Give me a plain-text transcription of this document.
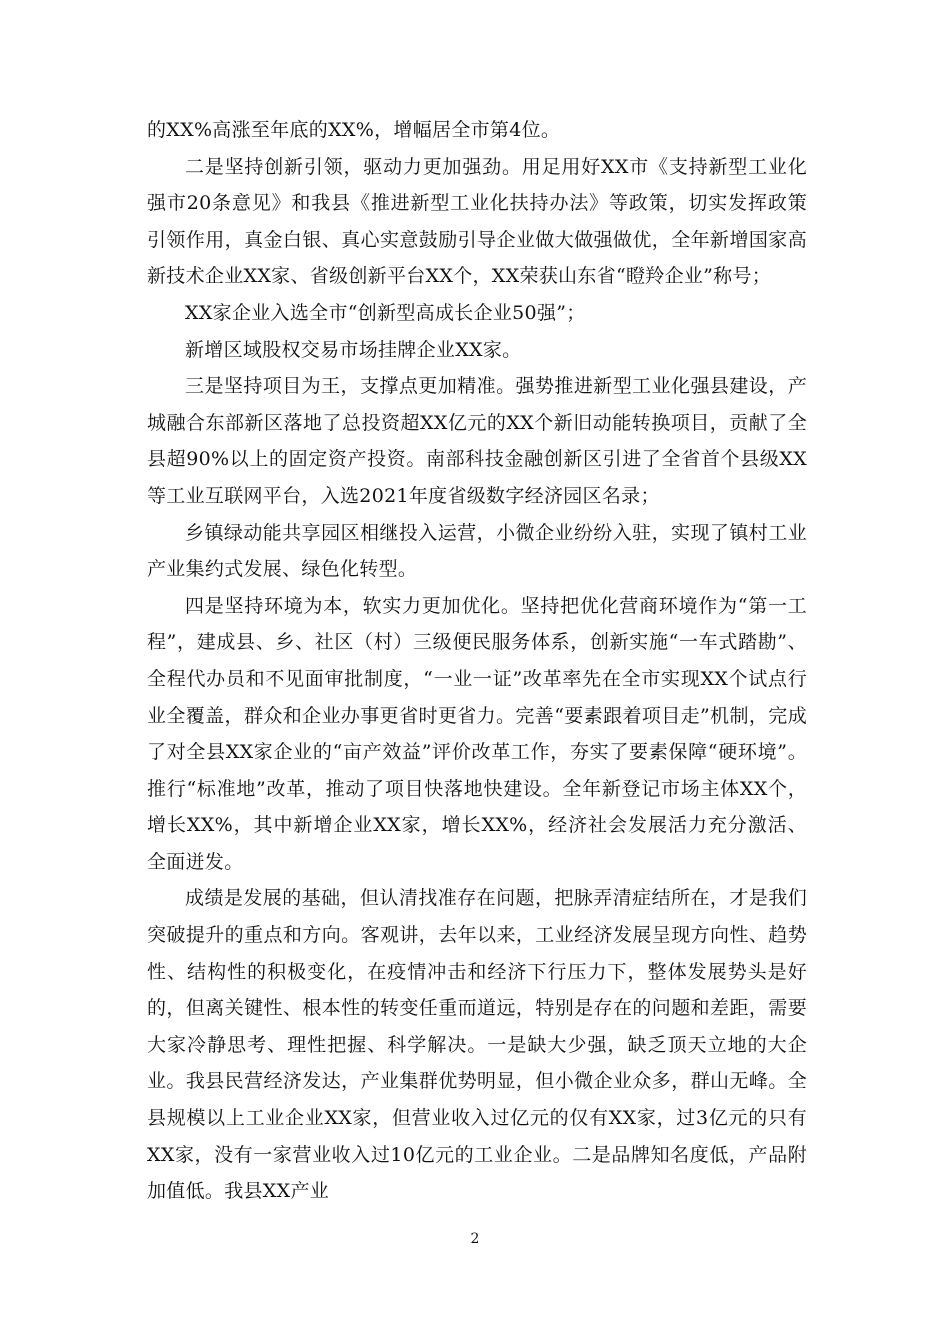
的XX%高涨至年底的XX%，增幅居全市第4位。

二是坚持创新引领，驱动力更加强劲。用足用好XX市《支持新型工业化强市20条意见》和我县《推进新型工业化扶持办法》等政策，切实发挥政策引领作用，真金白银、真心实意鼓励引导企业做大做强做优，全年新增国家高新技术企业XX家、省级创新平台XX个，XX荣获山东省“瞪羚企业”称号；

XX家企业入选全市“创新型高成长企业50强”；

新增区域股权交易市场挂牌企业XX家。

三是坚持项目为王，支撑点更加精准。强势推进新型工业化强县建设，产城融合东部新区落地了总投资超XX亿元的XX个新旧动能转换项目，贡献了全县超90%以上的固定资产投资。南部科技金融创新区引进了全省首个县级XX等工业互联网平台，入选2021年度省级数字经济园区名录；

乡镇绿动能共享园区相继投入运营，小微企业纷纷入驻，实现了镇村工业产业集约式发展、绿色化转型。

四是坚持环境为本，软实力更加优化。坚持把优化营商环境作为“第一工程”，建成县、乡、社区（村）三级便民服务体系，创新实施“一车式踏勘”、全程代办员和不见面审批制度，“一业一证”改革率先在全市实现XX个试点行业全覆盖，群众和企业办事更省时更省力。完善“要素跟着项目走”机制，完成了对全县XX家企业的“亩产效益”评价改革工作，夯实了要素保障“硬环境”。推行“标准地”改革，推动了项目快落地快建设。全年新登记市场主体XX个，增长XX%，其中新增企业XX家，增长XX%，经济社会发展活力充分激活、全面迸发。

成绩是发展的基础，但认清找准存在问题，把脉弄清症结所在，才是我们突破提升的重点和方向。客观讲，去年以来，工业经济发展呈现方向性、趋势性、结构性的积极变化，在疫情冲击和经济下行压力下，整体发展势头是好的，但离关键性、根本性的转变任重而道远，特别是存在的问题和差距，需要大家冷静思考、理性把握、科学解决。一是缺大少强，缺乏顶天立地的大企业。我县民营经济发达，产业集群优势明显，但小微企业众多，群山无峰。全县规模以上工业企业XX家，但营业收入过亿元的仅有XX家，过3亿元的只有XX家，没有一家营业收入过10亿元的工业企业。二是品牌知名度低，产品附加值低。我县XX产业

2
